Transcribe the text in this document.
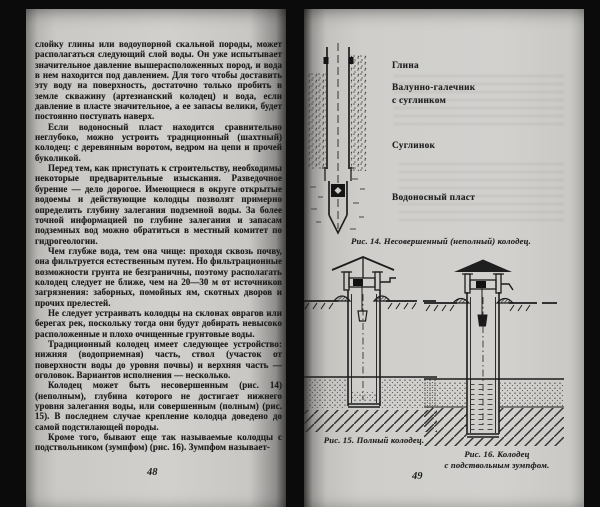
слойку глины или водоупорной скальной породы, может располагаться следующий слой воды. Он уже испытывает значительное давление вышерасположенных пород, и вода в нем находится под давлением. Для того чтобы доставить эту воду на поверхность, достаточно только пробить в земле скважину (артезианский колодец) и вода, если давление в пласте значительное, а ее запасы велики, будет постоянно поступать наверх.

Если водоносный пласт находится сравнительно неглубоко, можно устроить традиционный (шахтный) колодец: с деревянным воротом, ведром на цепи и прочей буколикой.

Перед тем, как приступать к строительству, необходимы некоторые предварительные изыскания. Разведочное бурение — дело дорогое. Имеющиеся в округе открытые водоемы и действующие колодцы позволят примерно определить глубину залегания подземной воды. За более точной информацией по глубине залегания и запасам подземных вод можно обратиться в местный комитет по гидрогеологии.

Чем глубже вода, тем она чище: проходя сквозь почву, она фильтруется естественным путем. Но фильтрационные возможности грунта не безграничны, поэтому располагать колодец следует не ближе, чем на 20—30 м от источников загрязнения: заборных, помойных ям, скотных дворов и прочих прелестей.

Не следует устраивать колодцы на склонах оврагов или берегах рек, поскольку тогда они будут добирать невысоко расположенные и плохо очищенные грунтовые воды.

Традиционный колодец имеет следующее устройство: нижняя (водоприемная) часть, ствол (участок от поверхности воды до уровня почвы) и верхняя часть — оголовок. Вариантов исполнения — несколько.

Колодец может быть несовершенным (рис. 14) (неполным), глубина которого не достигает нижнего уровня залегания воды, или совершенным (полным) (рис. 15). В последнем случае крепление колодца доведено до самой подстилающей породы.

Кроме того, бывают еще так называемые колодцы с подствольником (зумпфом) (рис. 16). Зумпфом называет-

48
Глина
Валунно-галечник
с суглинком
Суглинок
Водоносный пласт
Рис. 14. Несовершенный (неполный) колодец.
Рис. 15. Полный колодец.
Рис. 16. Колодец
с подствольным зумпфом.
49
